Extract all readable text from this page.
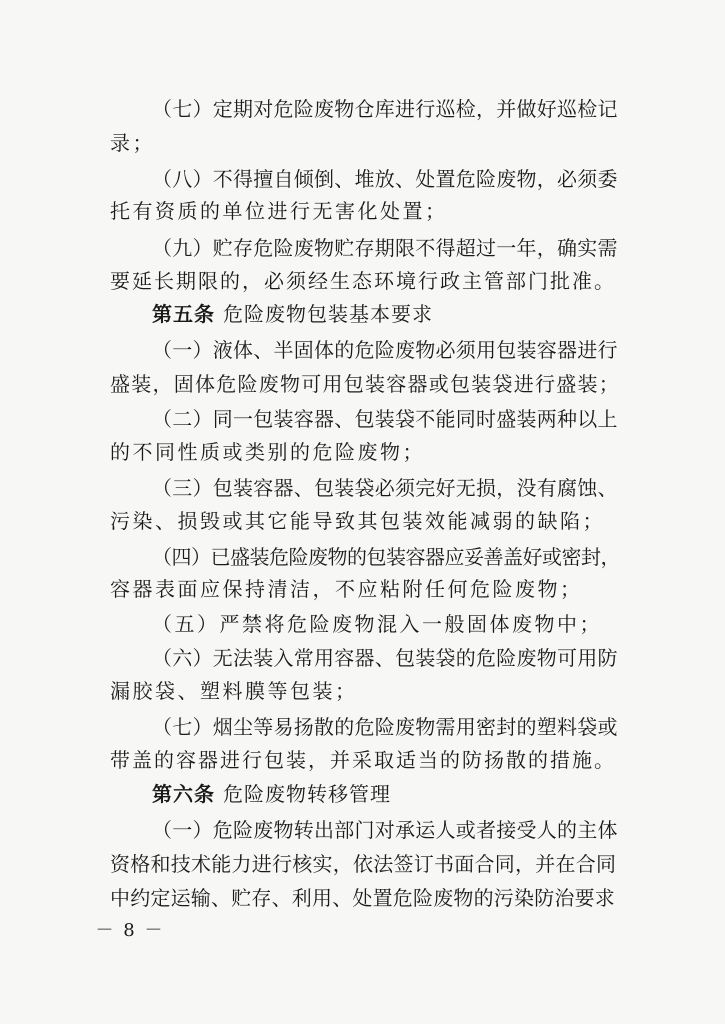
（七）定期对危险废物仓库进行巡检，并做好巡检记
录；
（八）不得擅自倾倒、堆放、处置危险废物，必须委
托有资质的单位进行无害化处置；
（九）贮存危险废物贮存期限不得超过一年，确实需
要延长期限的，必须经生态环境行政主管部门批准。
第五条 危险废物包装基本要求
（一）液体、半固体的危险废物必须用包装容器进行
盛装，固体危险废物可用包装容器或包装袋进行盛装；
（二）同一包装容器、包装袋不能同时盛装两种以上
的不同性质或类别的危险废物；
（三）包装容器、包装袋必须完好无损，没有腐蚀、
污染、损毁或其它能导致其包装效能减弱的缺陷；
（四）已盛装危险废物的包装容器应妥善盖好或密封，
容器表面应保持清洁，不应粘附任何危险废物；
（五）严禁将危险废物混入一般固体废物中；
（六）无法装入常用容器、包装袋的危险废物可用防
漏胶袋、塑料膜等包装；
（七）烟尘等易扬散的危险废物需用密封的塑料袋或
带盖的容器进行包装，并采取适当的防扬散的措施。
第六条 危险废物转移管理
（一）危险废物转出部门对承运人或者接受人的主体
资格和技术能力进行核实，依法签订书面合同，并在合同
中约定运输、贮存、利用、处置危险废物的污染防治要求
－ 8 －
